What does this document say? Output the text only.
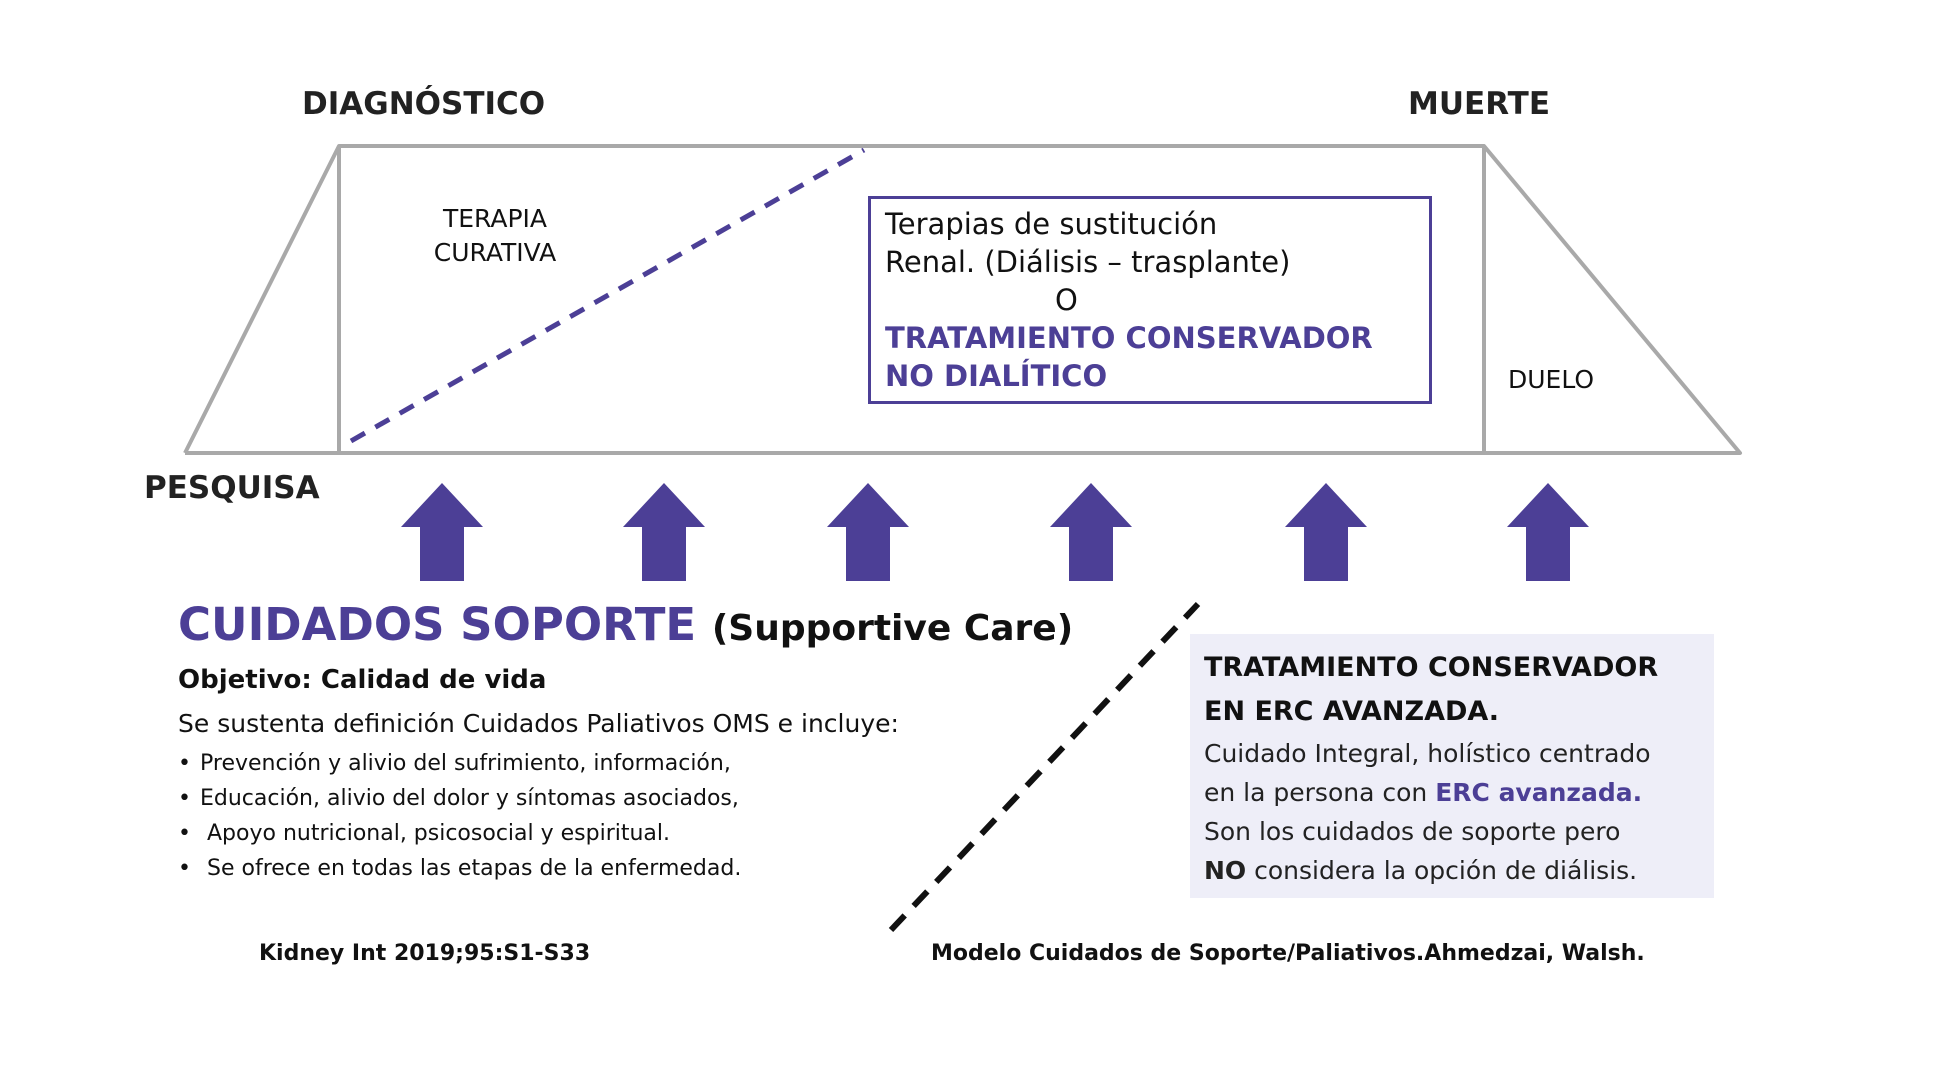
DIAGNÓSTICO	MUERTE
PESQUISA
TERAPIA
CURATIVA
DUELO
Terapias de sustitución
Renal. (Diálisis – trasplante)
O
TRATAMIENTO CONSERVADOR
NO DIALÍTICO
CUIDADOS SOPORTE (Supportive Care)
Objetivo: Calidad de vida
Se sustenta definición Cuidados Paliativos OMS e incluye:
• Prevención y alivio del sufrimiento, información,
• Educación, alivio del dolor y síntomas asociados,
• Apoyo nutricional, psicosocial y espiritual.
• Se ofrece en todas las etapas de la enfermedad.
TRATAMIENTO CONSERVADOR
EN ERC AVANZADA.
Cuidado Integral, holístico centrado
en la persona con ERC avanzada.
Son los cuidados de soporte pero
NO considera la opción de diálisis.
Kidney Int 2019;95:S1-S33	Modelo Cuidados de Soporte/Paliativos.Ahmedzai, Walsh.
